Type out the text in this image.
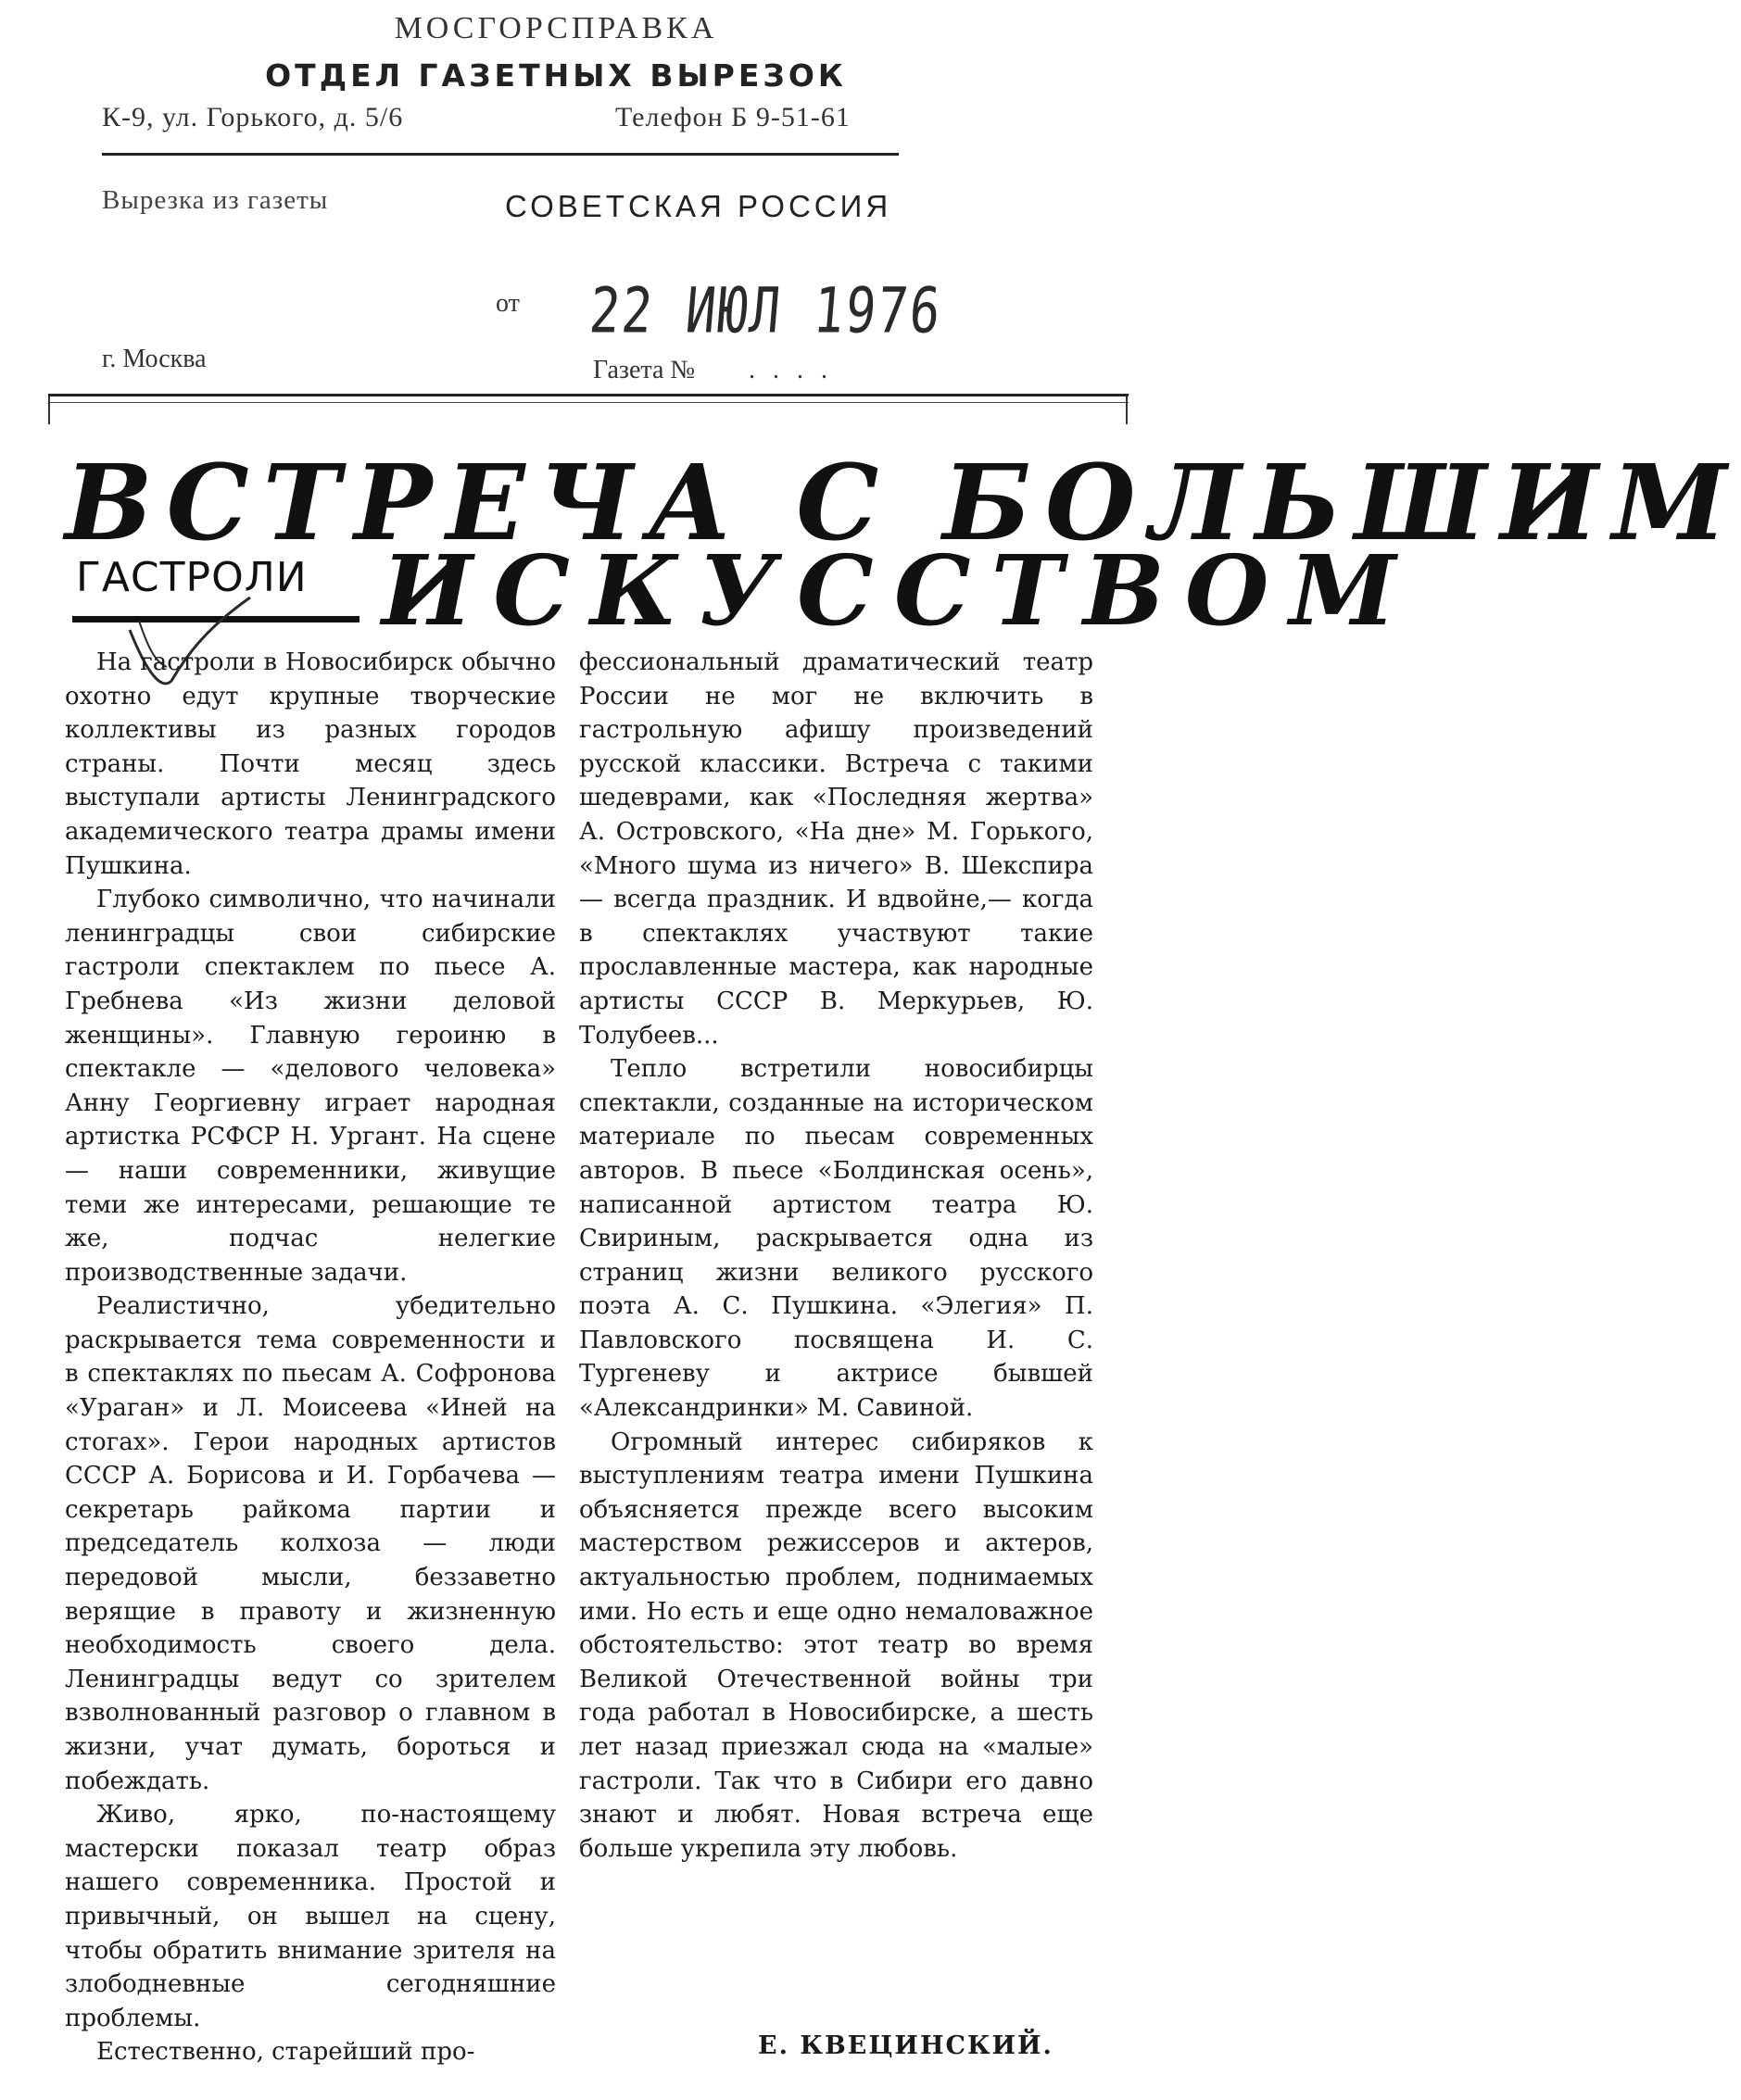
МОСГОРСПРАВКА
ОТДЕЛ ГАЗЕТНЫХ ВЫРЕЗОК
К-9, ул. Горького, д. 5/6	Телефон Б 9-51-61
Вырезка из газеты	СОВЕТСКАЯ РОССИЯ
от 22 ИЮЛ 1976
г. Москва	Газета № . . . .
ВСТРЕЧА С БОЛЬШИМ
ГАСТРОЛИ ИСКУССТВОМ

На гастроли в Новосибирск обычно охотно едут крупные творческие коллективы из разных городов страны. Почти месяц здесь выступали артисты Ленинградского академического театра драмы имени Пушкина.

Глубоко символично, что начинали ленинградцы свои сибирские гастроли спектаклем по пьесе А. Гребнева «Из жизни деловой женщины». Главную героиню в спектакле — «делового человека» Анну Георгиевну играет народная артистка РСФСР Н. Ургант. На сцене — наши современники, живущие теми же интересами, решающие те же, подчас нелегкие производственные задачи.

Реалистично, убедительно раскрывается тема современности и в спектаклях по пьесам А. Софронова «Ураган» и Л. Моисеева «Иней на стогах». Герои народных артистов СССР А. Борисова и И. Горбачева — секретарь райкома партии и председатель колхоза — люди передовой мысли, беззаветно верящие в правоту и жизненную необходимость своего дела. Ленинградцы ведут со зрителем взволнованный разговор о главном в жизни, учат думать, бороться и побеждать.

Живо, ярко, по-настоящему мастерски показал театр образ нашего современника. Простой и привычный, он вышел на сцену, чтобы обратить внимание зрителя на злободневные сегодняшние проблемы.

Естественно, старейший про-

фессиональный драматический театр России не мог не включить в гастрольную афишу произведений русской классики. Встреча с такими шедеврами, как «Последняя жертва» А. Островского, «На дне» М. Горького, «Много шума из ничего» В. Шекспира — всегда праздник. И вдвойне,— когда в спектаклях участвуют такие прославленные мастера, как народные артисты СССР В. Меркурьев, Ю. Толубеев...

Тепло встретили новосибирцы спектакли, созданные на историческом материале по пьесам современных авторов. В пьесе «Болдинская осень», написанной артистом театра Ю. Свириным, раскрывается одна из страниц жизни великого русского поэта А. С. Пушкина. «Элегия» П. Павловского посвящена И. С. Тургеневу и актрисе бывшей «Александринки» М. Савиной.

Огромный интерес сибиряков к выступлениям театра имени Пушкина объясняется прежде всего высоким мастерством режиссеров и актеров, актуальностью проблем, поднимаемых ими. Но есть и еще одно немаловажное обстоятельство: этот театр во время Великой Отечественной войны три года работал в Новосибирске, а шесть лет назад приезжал сюда на «малые» гастроли. Так что в Сибири его давно знают и любят. Новая встреча еще больше укрепила эту любовь.

Е. КВЕЦИНСКИЙ.
